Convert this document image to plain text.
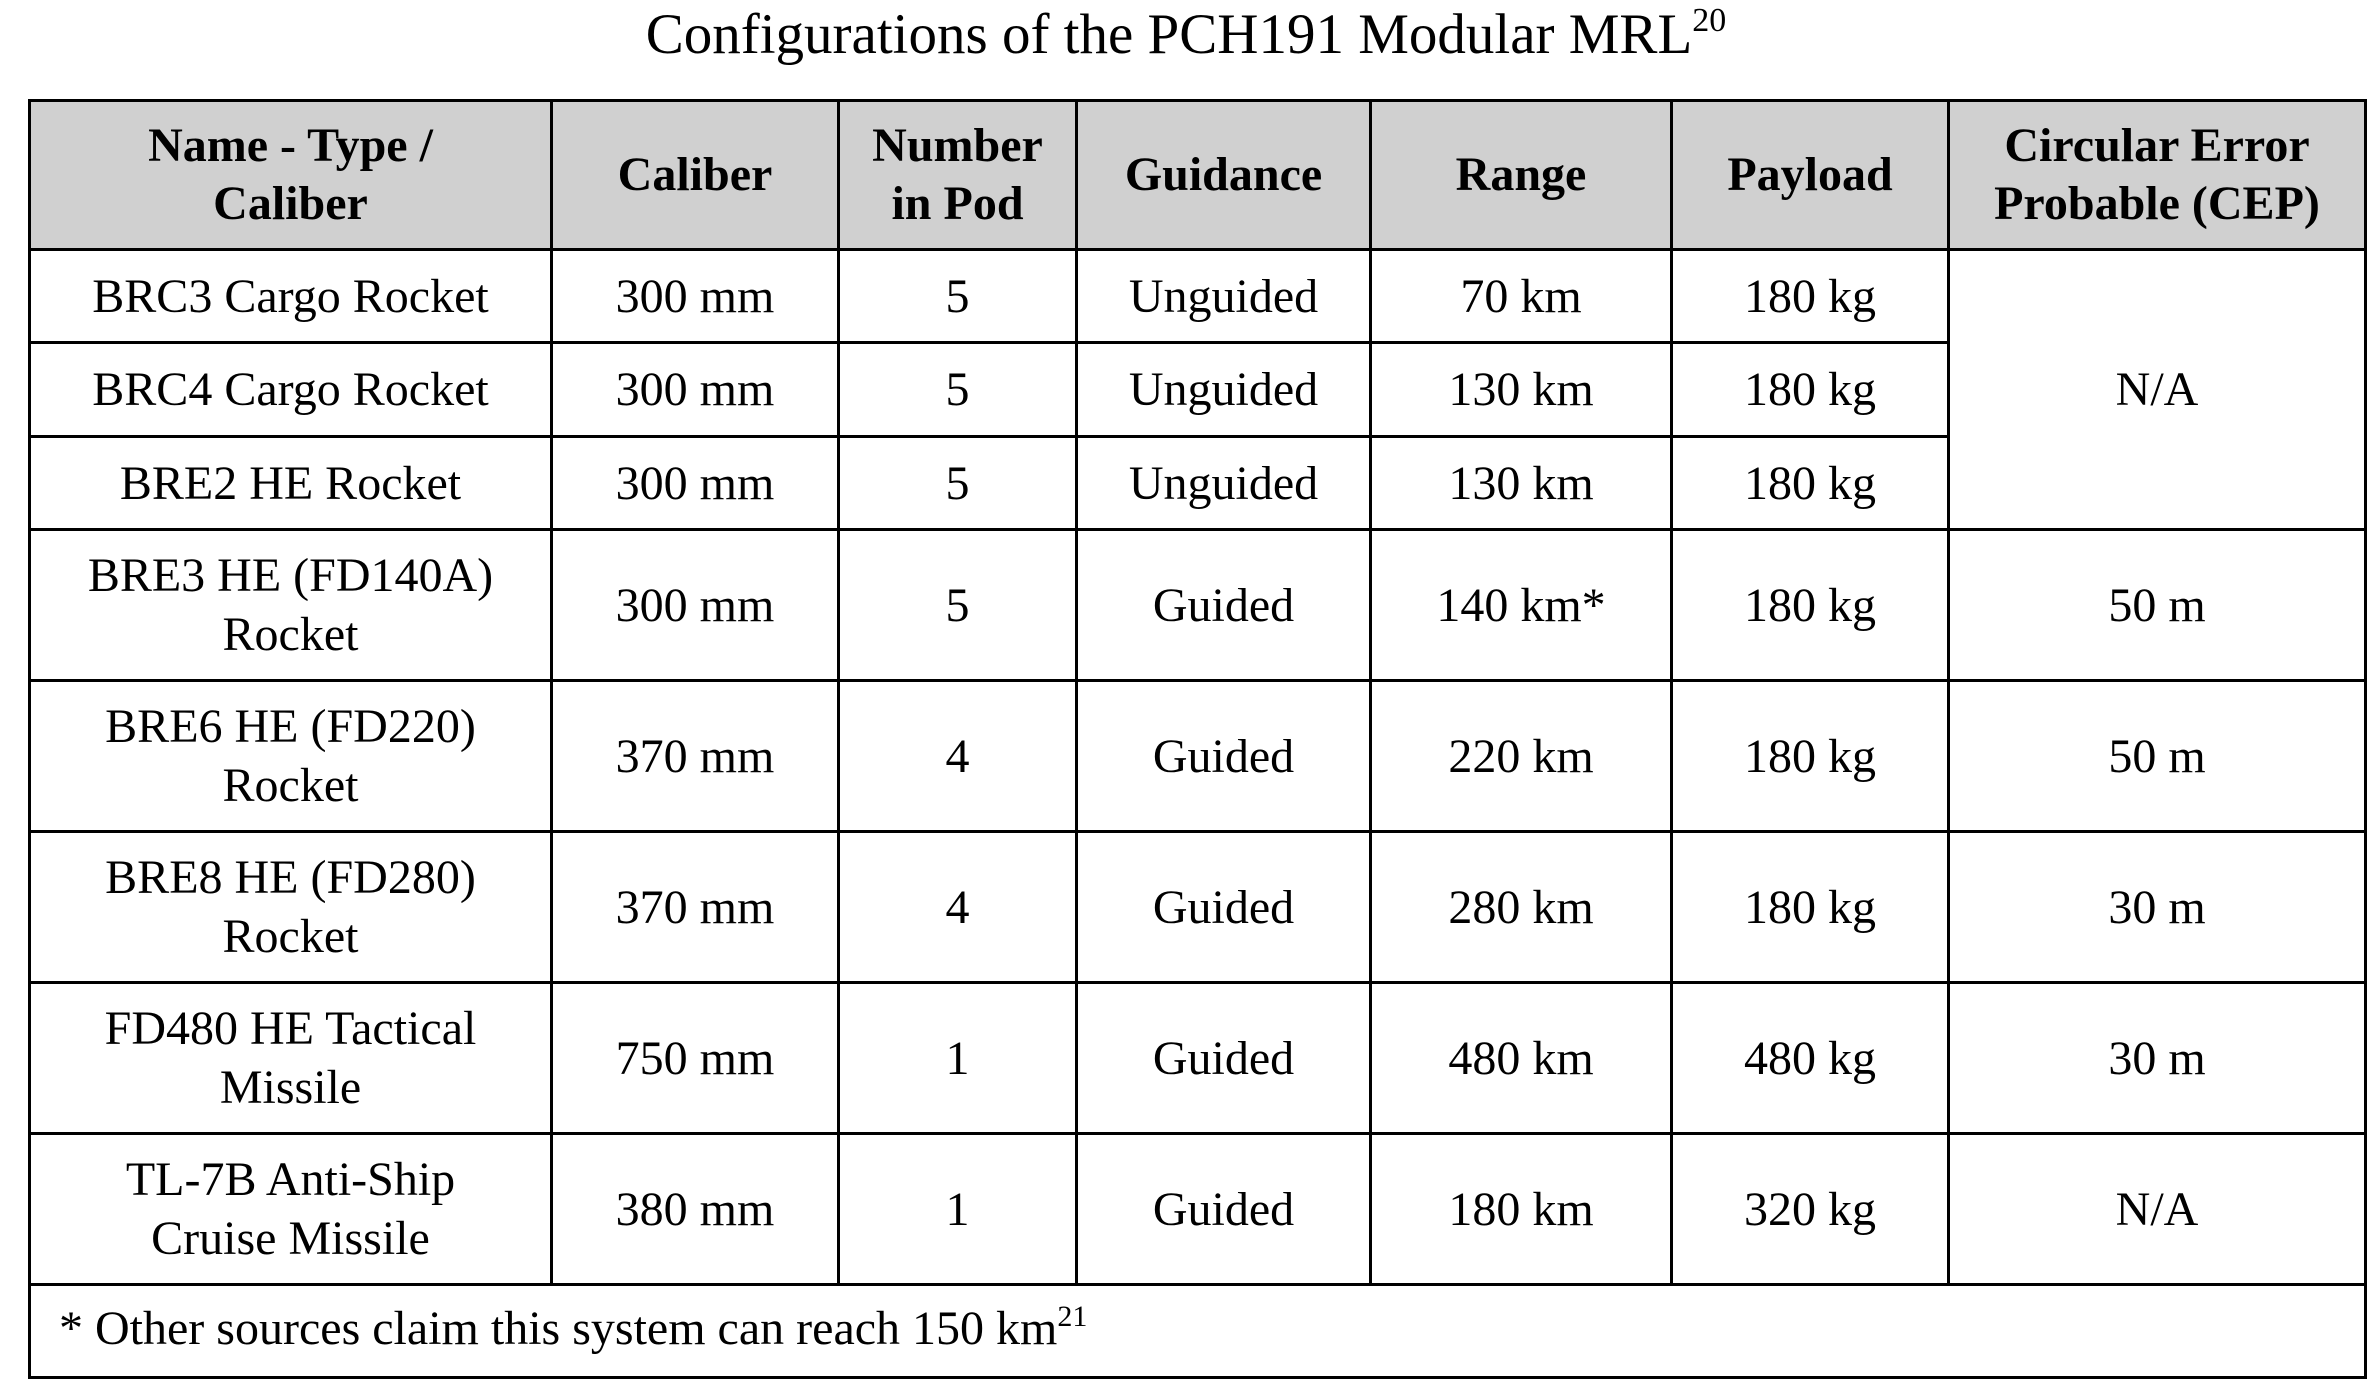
Configurations of the PCH191 Modular MRL$^{20}$
Name - Type / Caliber	Caliber	Number in Pod	Guidance	Range	Payload	Circular Error Probable (CEP)
BRC3 Cargo Rocket	300 mm	5	Unguided	70 km	180 kg	N/A
BRC4 Cargo Rocket	300 mm	5	Unguided	130 km	180 kg	
BRE2 HE Rocket	300 mm	5	Unguided	130 km	180 kg	
BRE3 HE (FD140A) Rocket	300 mm	5	Guided	140 km*	180 kg	50 m
BRE6 HE (FD220) Rocket	370 mm	4	Guided	220 km	180 kg	50 m
BRE8 HE (FD280) Rocket	370 mm	4	Guided	280 km	180 kg	30 m
FD480 HE Tactical Missile	750 mm	1	Guided	480 km	480 kg	30 m
TL-7B Anti-Ship Cruise Missile	380 mm	1	Guided	180 km	320 kg	N/A
* Other sources claim this system can reach 150 $km^{21}$
